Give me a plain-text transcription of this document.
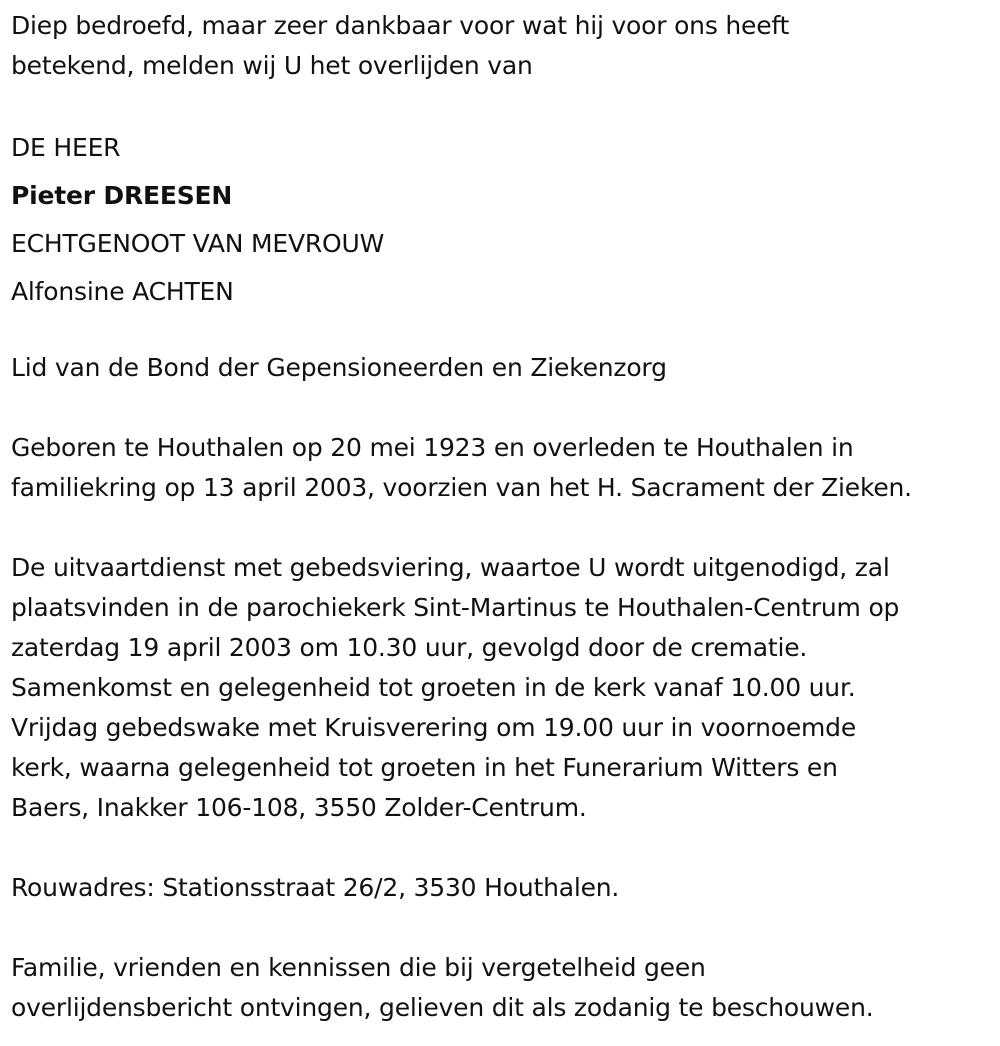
Diep bedroefd, maar zeer dankbaar voor wat hij voor ons heeft
betekend, melden wij U het overlijden van

DE HEER
Pieter DREESEN
ECHTGENOOT VAN MEVROUW
Alfonsine ACHTEN

Lid van de Bond der Gepensioneerden en Ziekenzorg

Geboren te Houthalen op 20 mei 1923 en overleden te Houthalen in
familiekring op 13 april 2003, voorzien van het H. Sacrament der Zieken.

De uitvaartdienst met gebedsviering, waartoe U wordt uitgenodigd, zal
plaatsvinden in de parochiekerk Sint-Martinus te Houthalen-Centrum op
zaterdag 19 april 2003 om 10.30 uur, gevolgd door de crematie.
Samenkomst en gelegenheid tot groeten in de kerk vanaf 10.00 uur.
Vrijdag gebedswake met Kruisverering om 19.00 uur in voornoemde
kerk, waarna gelegenheid tot groeten in het Funerarium Witters en
Baers, Inakker 106-108, 3550 Zolder-Centrum.

Rouwadres: Stationsstraat 26/2, 3530 Houthalen.

Familie, vrienden en kennissen die bij vergetelheid geen
overlijdensbericht ontvingen, gelieven dit als zodanig te beschouwen.
